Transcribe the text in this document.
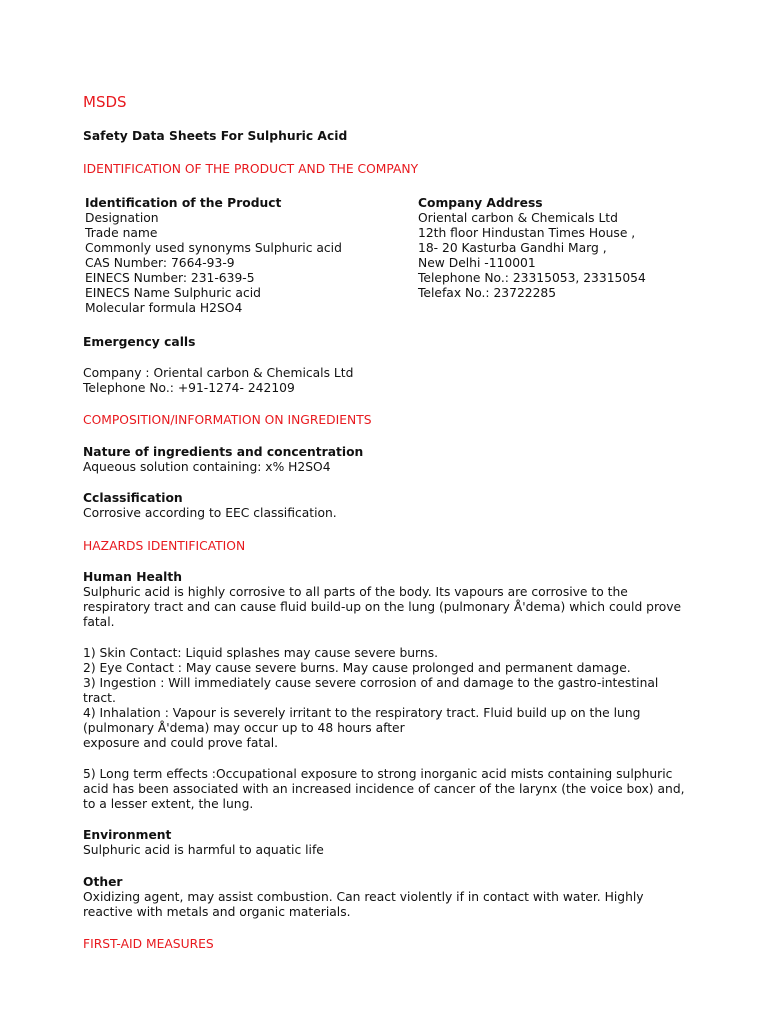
MSDS
Safety Data Sheets For Sulphuric Acid
IDENTIFICATION OF THE PRODUCT AND THE COMPANY
Identification of the Product
Designation
Trade name
Commonly used synonyms Sulphuric acid
CAS Number: 7664-93-9
EINECS Number: 231-639-5
EINECS Name Sulphuric acid
Molecular formula H2SO4
Company Address
Oriental carbon & Chemicals Ltd
12th floor Hindustan Times House ,
18- 20 Kasturba Gandhi Marg ,
New Delhi -110001
Telephone No.: 23315053, 23315054
Telefax No.: 23722285
Emergency calls
Company : Oriental carbon & Chemicals Ltd
Telephone No.: +91-1274- 242109
COMPOSITION/INFORMATION ON INGREDIENTS
Nature of ingredients and concentration
Aqueous solution containing: x% H2SO4
Cclassification
Corrosive according to EEC classification.
HAZARDS IDENTIFICATION
Human Health
Sulphuric acid is highly corrosive to all parts of the body. Its vapours are corrosive to the
respiratory tract and can cause fluid build-up on the lung (pulmonary Å'dema) which could prove
fatal.
1) Skin Contact: Liquid splashes may cause severe burns.
2) Eye Contact : May cause severe burns. May cause prolonged and permanent damage.
3) Ingestion : Will immediately cause severe corrosion of and damage to the gastro-intestinal
tract.
4) Inhalation : Vapour is severely irritant to the respiratory tract. Fluid build up on the lung
(pulmonary Å'dema) may occur up to 48 hours after
exposure and could prove fatal.
5) Long term effects :Occupational exposure to strong inorganic acid mists containing sulphuric
acid has been associated with an increased incidence of cancer of the larynx (the voice box) and,
to a lesser extent, the lung.
Environment
Sulphuric acid is harmful to aquatic life
Other
Oxidizing agent, may assist combustion. Can react violently if in contact with water. Highly
reactive with metals and organic materials.
FIRST-AID MEASURES
